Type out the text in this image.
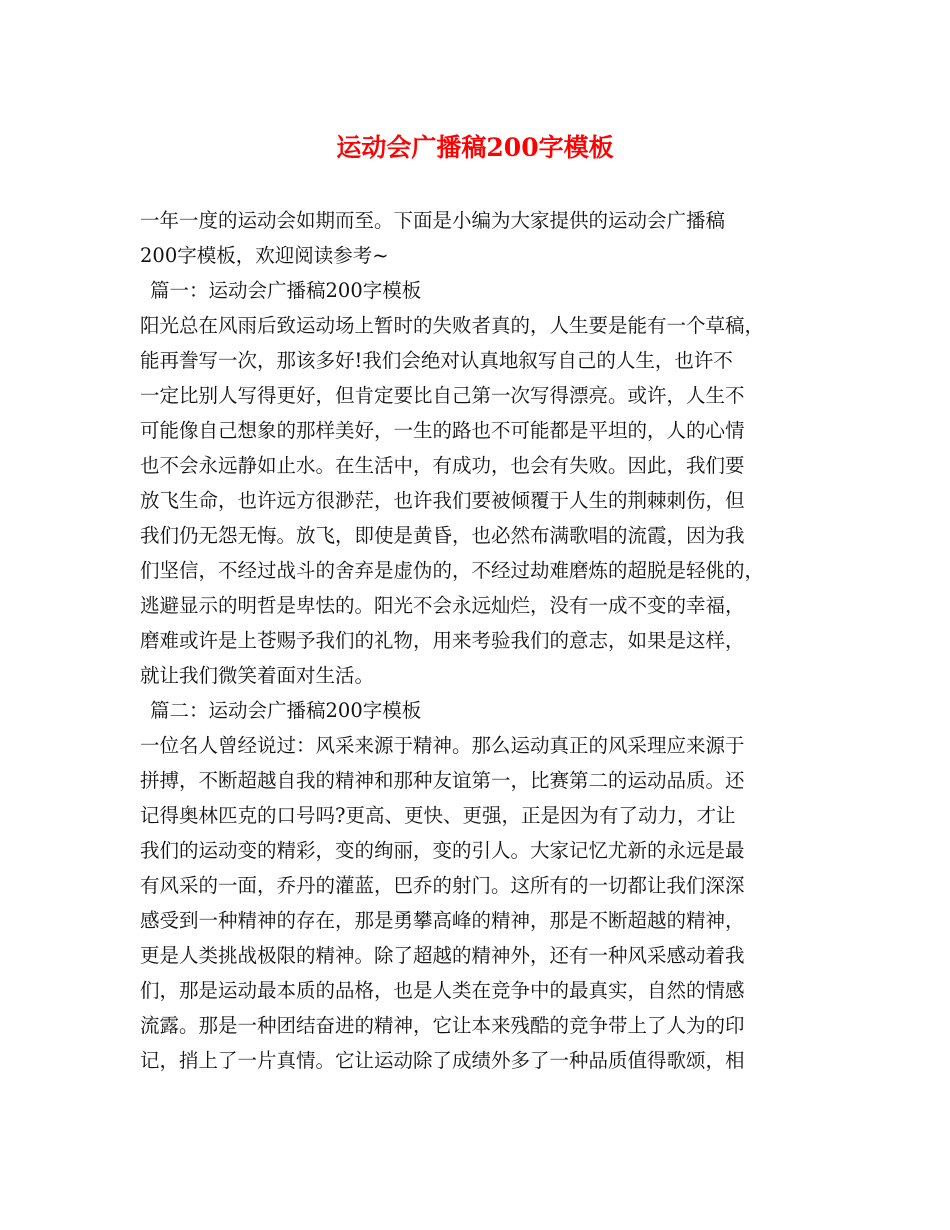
运动会广播稿200字模板

一年一度的运动会如期而至。下面是小编为大家提供的运动会广播稿

200字模板，欢迎阅读参考~

篇一：运动会广播稿200字模板

阳光总在风雨后致运动场上暂时的失败者真的，人生要是能有一个草稿，

能再誊写一次，那该多好!我们会绝对认真地叙写自己的人生，也许不

一定比别人写得更好，但肯定要比自己第一次写得漂亮。或许，人生不

可能像自己想象的那样美好，一生的路也不可能都是平坦的，人的心情

也不会永远静如止水。在生活中，有成功，也会有失败。因此，我们要

放飞生命，也许远方很渺茫，也许我们要被倾覆于人生的荆棘刺伤，但

我们仍无怨无悔。放飞，即使是黄昏，也必然布满歌唱的流霞，因为我

们坚信，不经过战斗的舍弃是虚伪的，不经过劫难磨炼的超脱是轻佻的，

逃避显示的明哲是卑怯的。阳光不会永远灿烂，没有一成不变的幸福，

磨难或许是上苍赐予我们的礼物，用来考验我们的意志，如果是这样，

就让我们微笑着面对生活。

篇二：运动会广播稿200字模板

一位名人曾经说过：风采来源于精神。那么运动真正的风采理应来源于

拼搏，不断超越自我的精神和那种友谊第一，比赛第二的运动品质。还

记得奥林匹克的口号吗?更高、更快、更强，正是因为有了动力，才让

我们的运动变的精彩，变的绚丽，变的引人。大家记忆尤新的永远是最

有风采的一面，乔丹的灌蓝，巴乔的射门。这所有的一切都让我们深深

感受到一种精神的存在，那是勇攀高峰的精神，那是不断超越的精神，

更是人类挑战极限的精神。除了超越的精神外，还有一种风采感动着我

们，那是运动最本质的品格，也是人类在竞争中的最真实，自然的情感

流露。那是一种团结奋进的精神，它让本来残酷的竞争带上了人为的印

记，捎上了一片真情。它让运动除了成绩外多了一种品质值得歌颂，相
